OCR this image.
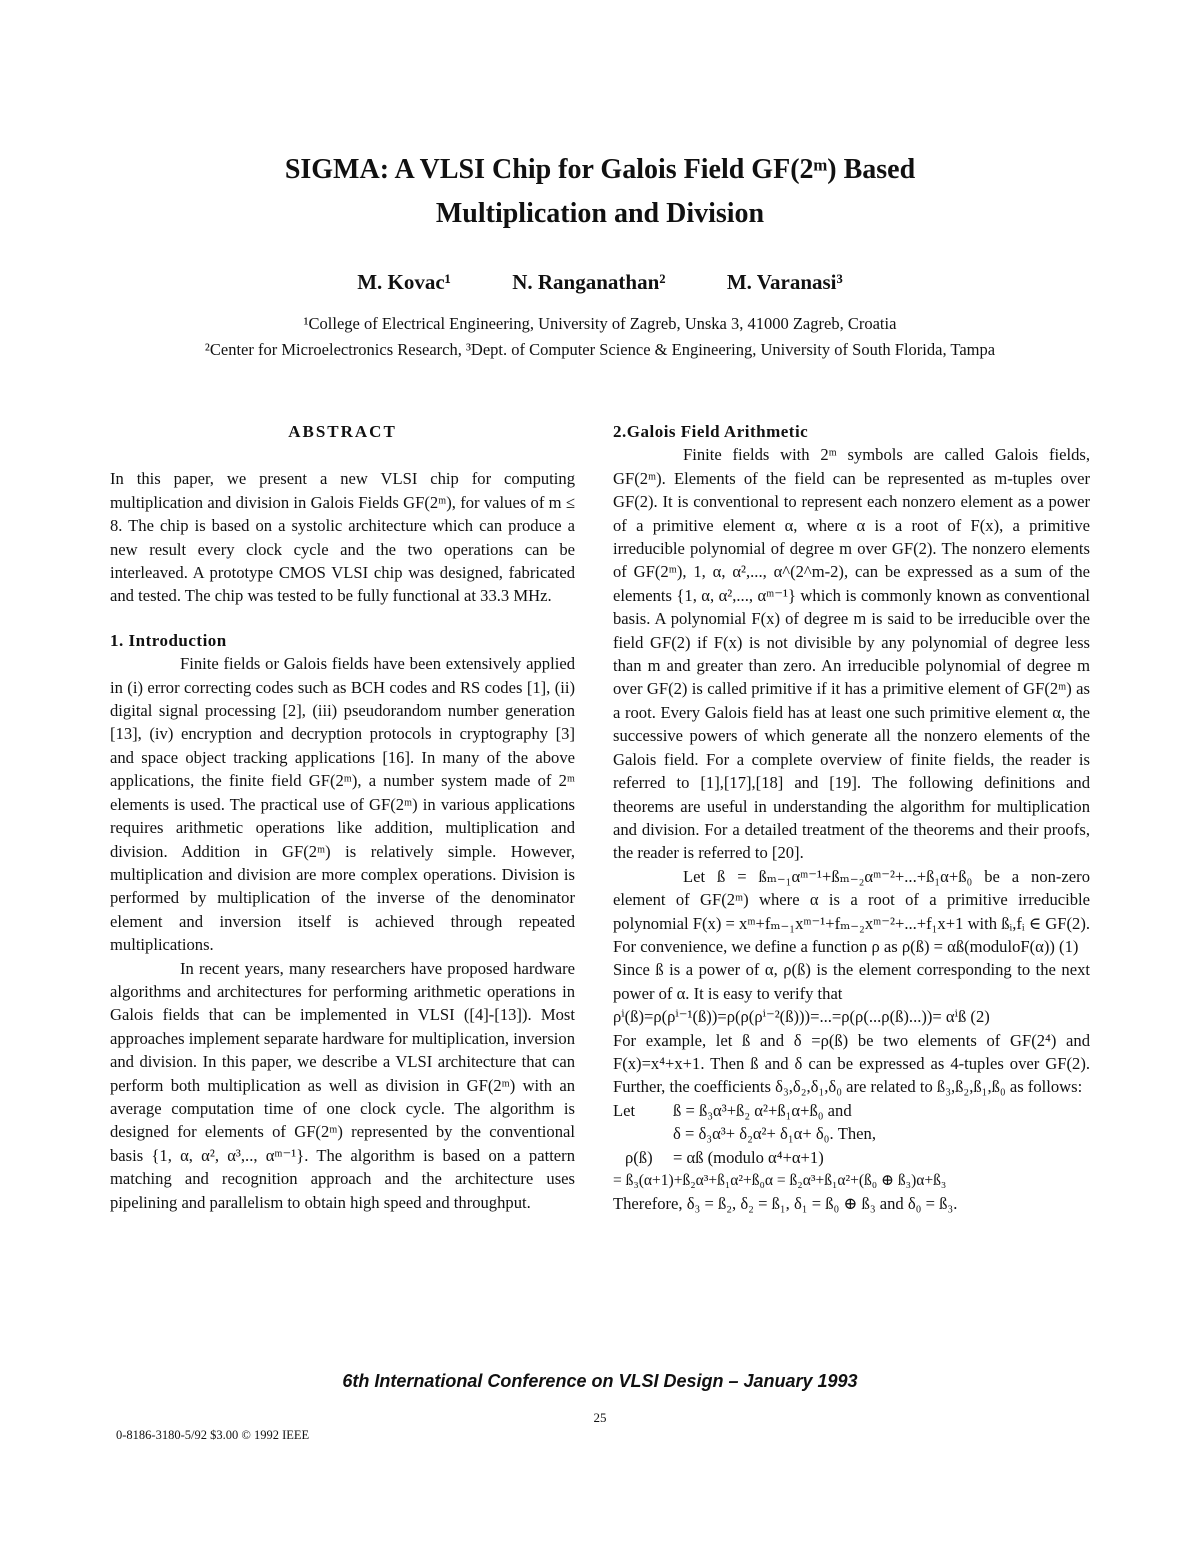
SIGMA: A VLSI Chip for Galois Field GF(2ᵐ) Based
Multiplication and Division
M. Kovac¹	N. Ranganathan²	M. Varanasi³
¹College of Electrical Engineering, University of Zagreb, Unska 3, 41000 Zagreb, Croatia
²Center for Microelectronics Research, ³Dept. of Computer Science & Engineering, University of South Florida, Tampa
ABSTRACT

In this paper, we present a new VLSI chip for computing multiplication and division in Galois Fields GF(2ᵐ), for values of m ≤ 8. The chip is based on a systolic architecture which can produce a new result every clock cycle and the two operations can be interleaved. A prototype CMOS VLSI chip was designed, fabricated and tested. The chip was tested to be fully functional at 33.3 MHz.

1. Introduction

Finite fields or Galois fields have been extensively applied in (i) error correcting codes such as BCH codes and RS codes [1], (ii) digital signal processing [2], (iii) pseudorandom number generation [13], (iv) encryption and decryption protocols in cryptography [3] and space object tracking applications [16]. In many of the above applications, the finite field GF(2ᵐ), a number system made of 2ᵐ elements is used. The practical use of GF(2ᵐ) in various applications requires arithmetic operations like addition, multiplication and division. Addition in GF(2ᵐ) is relatively simple. However, multiplication and division are more complex operations. Division is performed by multiplication of the inverse of the denominator element and inversion itself is achieved through repeated multiplications.

In recent years, many researchers have proposed hardware algorithms and architectures for performing arithmetic operations in Galois fields that can be implemented in VLSI ([4]-[13]). Most approaches implement separate hardware for multiplication, inversion and division. In this paper, we describe a VLSI architecture that can perform both multiplication as well as division in GF(2ᵐ) with an average computation time of one clock cycle. The algorithm is designed for elements of GF(2ᵐ) represented by the conventional basis {1, α, α², α³,.., αᵐ⁻¹}. The algorithm is based on a pattern matching and recognition approach and the architecture uses pipelining and parallelism to obtain high speed and throughput.

2.Galois Field Arithmetic

Finite fields with 2ᵐ symbols are called Galois fields, GF(2ᵐ). Elements of the field can be represented as m-tuples over GF(2). It is conventional to represent each nonzero element as a power of a primitive element α, where α is a root of F(x), a primitive irreducible polynomial of degree m over GF(2). The nonzero elements of GF(2ᵐ), 1, α, α²,..., α^(2^m-2), can be expressed as a sum of the elements {1, α, α²,..., αᵐ⁻¹} which is commonly known as conventional basis. A polynomial F(x) of degree m is said to be irreducible over the field GF(2) if F(x) is not divisible by any polynomial of degree less than m and greater than zero. An irreducible polynomial of degree m over GF(2) is called primitive if it has a primitive element of GF(2ᵐ) as a root. Every Galois field has at least one such primitive element α, the successive powers of which generate all the nonzero elements of the Galois field. For a complete overview of finite fields, the reader is referred to [1],[17],[18] and [19]. The following definitions and theorems are useful in understanding the algorithm for multiplication and division. For a detailed treatment of the theorems and their proofs, the reader is referred to [20].

Let ß = ßₘ₋₁αᵐ⁻¹+ßₘ₋₂αᵐ⁻²+...+ß₁α+ß₀ be a non-zero element of GF(2ᵐ) where α is a root of a primitive irreducible polynomial F(x) = xᵐ+fₘ₋₁xᵐ⁻¹+fₘ₋₂xᵐ⁻²+...+f₁x+1 with ßᵢ,fᵢ ∈ GF(2). For convenience, we define a function ρ as ρ(ß) = αß(moduloF(α)) (1)

Since ß is a power of α, ρ(ß) is the element corresponding to the next power of α. It is easy to verify that

ρⁱ(ß)=ρ(ρⁱ⁻¹(ß))=ρ(ρ(ρⁱ⁻²(ß)))=...=ρ(ρ(...ρ(ß)...))= αⁱß (2)

For example, let ß and δ =ρ(ß) be two elements of GF(2⁴) and F(x)=x⁴+x+1. Then ß and δ can be expressed as 4-tuples over GF(2). Further, the coefficients δ₃,δ₂,δ₁,δ₀ are related to ß₃,ß₂,ß₁,ß₀ as follows:

Let	ß = ß₃α³+ß₂ α²+ß₁α+ß₀ and
δ = δ₃α³+ δ₂α²+ δ₁α+ δ₀. Then,
ρ(ß)	= αß (modulo α⁴+α+1)

= ß₃(α+1)+ß₂α³+ß₁α²+ß₀α = ß₂α³+ß₁α²+(ß₀ ⊕ ß₃)α+ß₃

Therefore, δ₃ = ß₂, δ₂ = ß₁, δ₁ = ß₀ ⊕ ß₃ and δ₀ = ß₃.

6th International Conference on VLSI Design – January 1993
25
0-8186-3180-5/92 $3.00 © 1992 IEEE
